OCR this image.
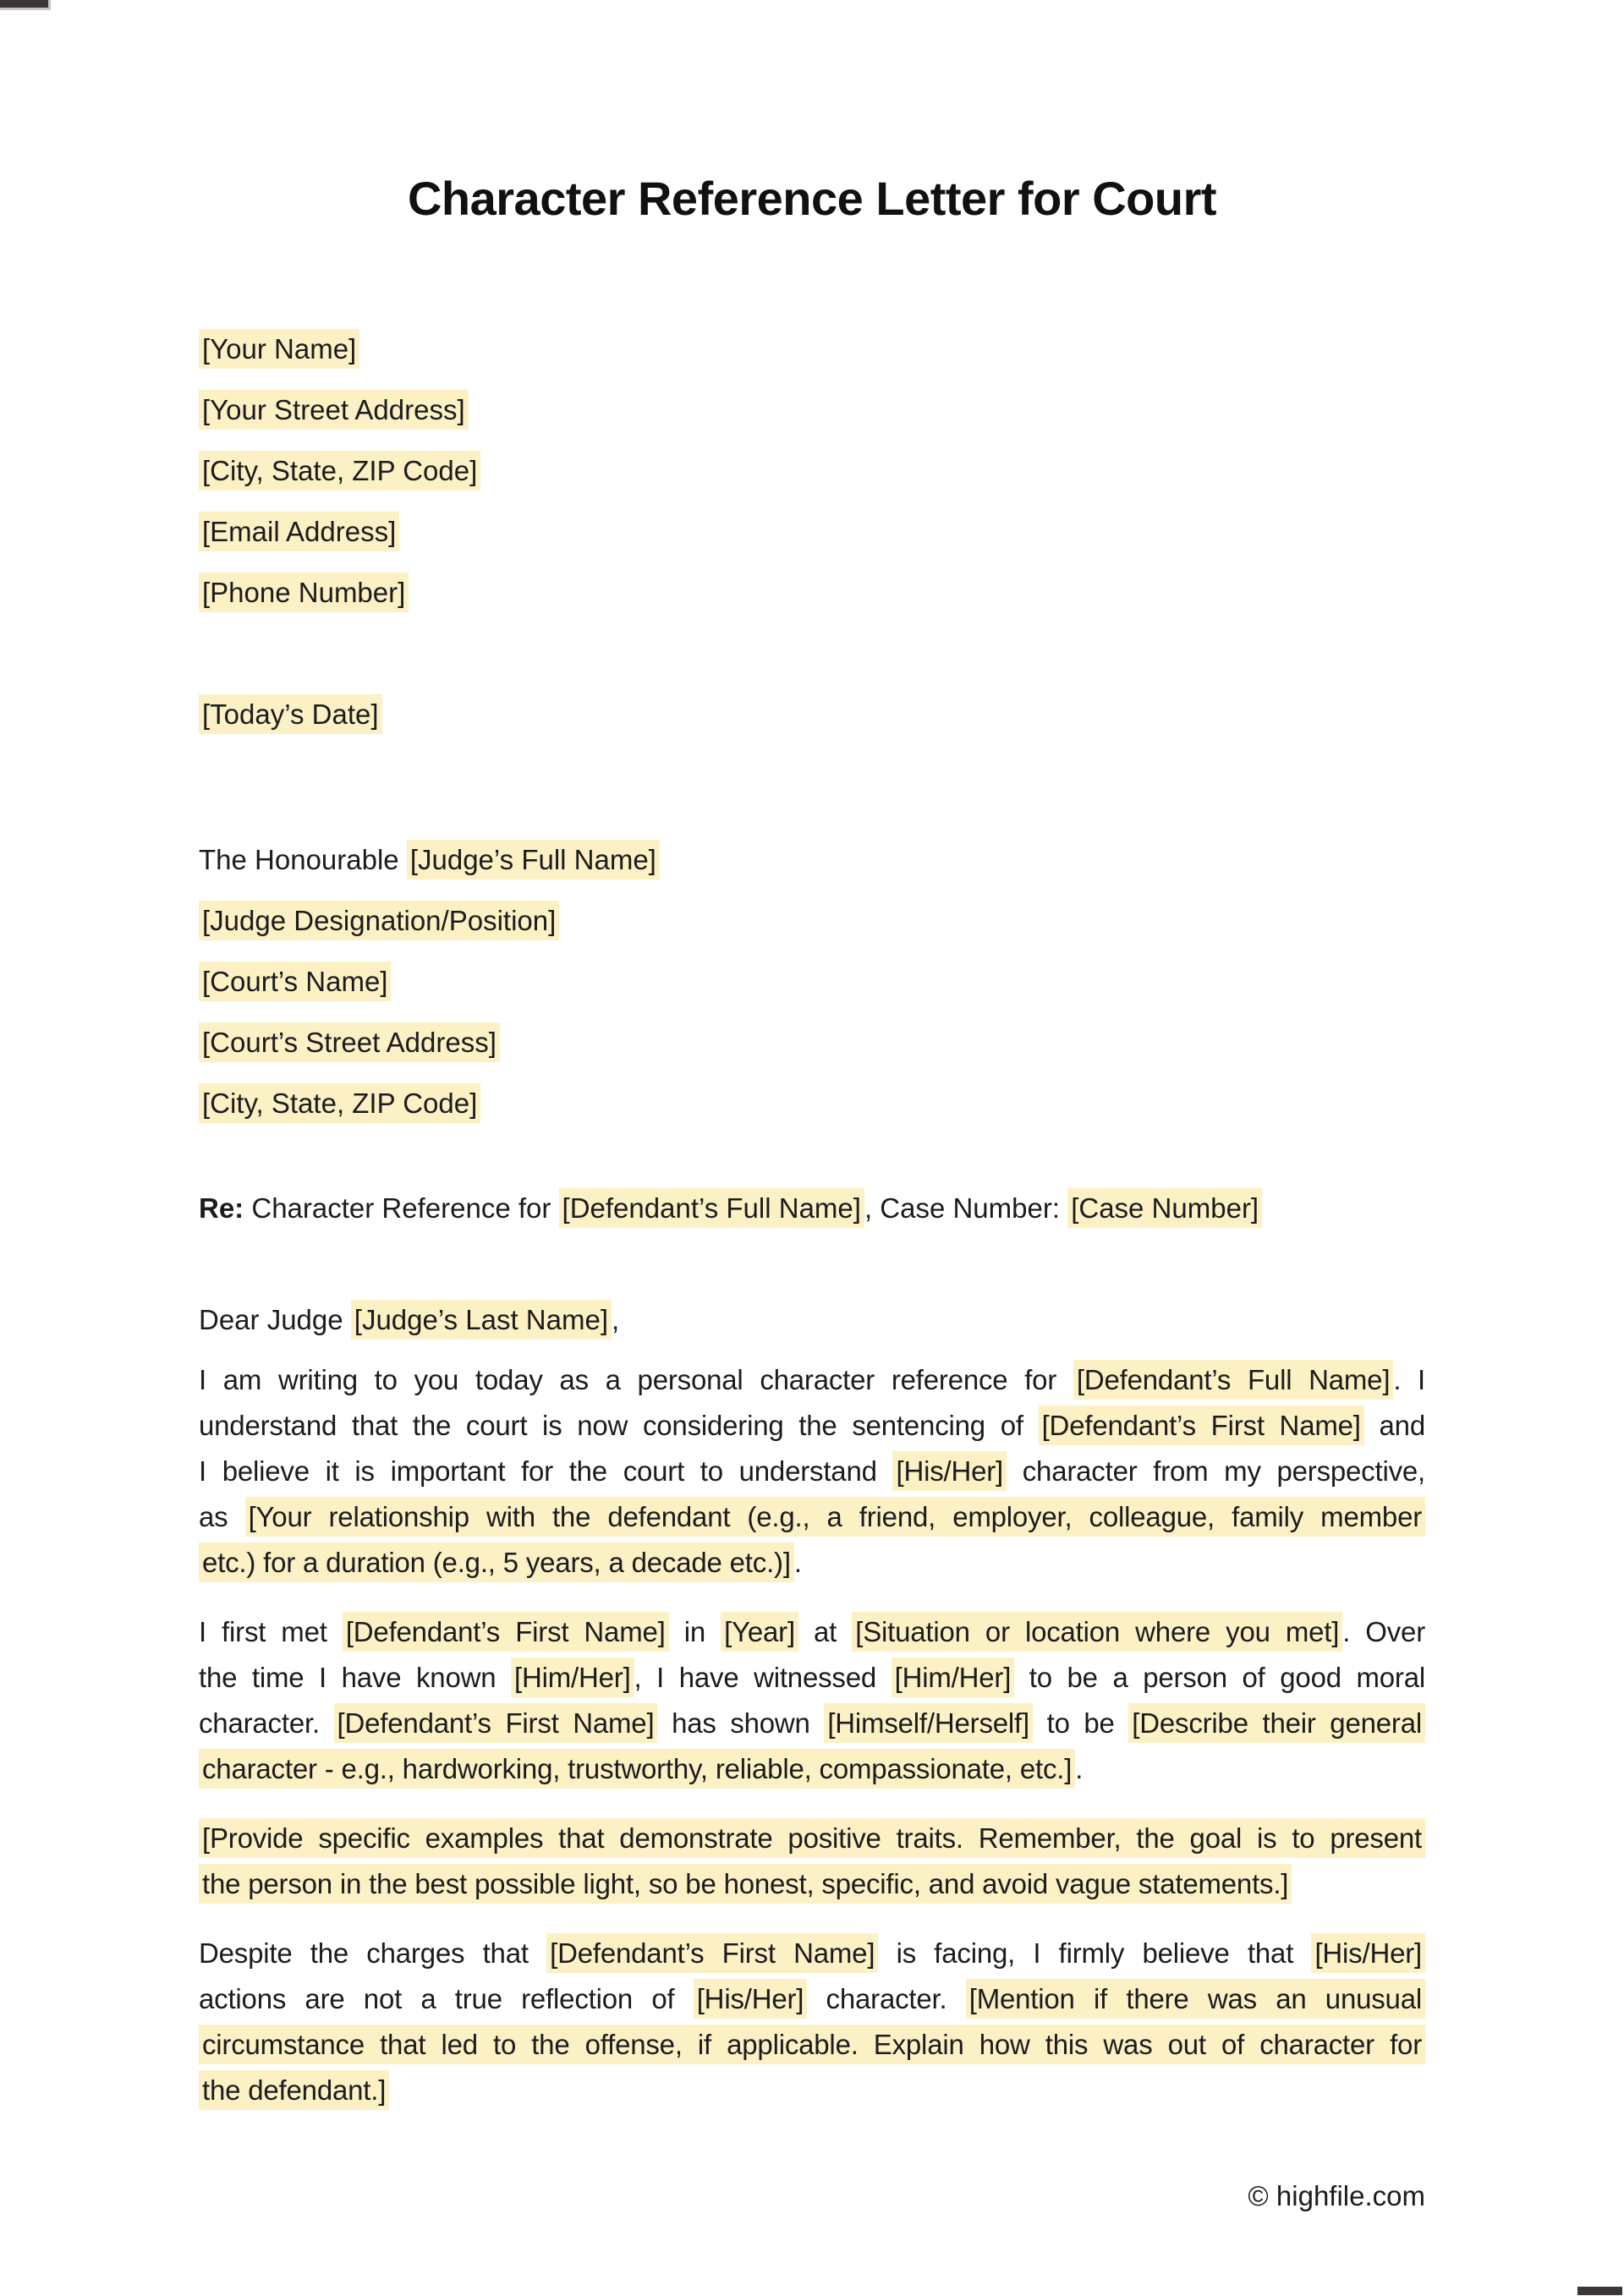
Character Reference Letter for Court
[Your Name]
[Your Street Address]
[City, State, ZIP Code]
[Email Address]
[Phone Number]
[Today’s Date]
The Honourable [Judge’s Full Name]
[Judge Designation/Position]
[Court’s Name]
[Court’s Street Address]
[City, State, ZIP Code]
Re: Character Reference for [Defendant’s Full Name] , Case Number: [Case Number]
Dear Judge [Judge’s Last Name] ,
I am writing to you today as a personal character reference for [Defendant’s Full Name] . I
understand that the court is now considering the sentencing of [Defendant’s First Name] and
I believe it is important for the court to understand [His/Her] character from my perspective,
as [Your relationship with the defendant (e.g., a friend, employer, colleague, family member
etc.) for a duration (e.g., 5 years, a decade etc.)] .
I first met [Defendant’s First Name] in [Year] at [Situation or location where you met] . Over
the time I have known [Him/Her] , I have witnessed [Him/Her] to be a person of good moral
character. [Defendant’s First Name] has shown [Himself/Herself] to be [Describe their general
character - e.g., hardworking, trustworthy, reliable, compassionate, etc.] .
[Provide specific examples that demonstrate positive traits. Remember, the goal is to present
the person in the best possible light, so be honest, specific, and avoid vague statements.]
Despite the charges that [Defendant’s First Name] is facing, I firmly believe that [His/Her]
actions are not a true reflection of [His/Her] character. [Mention if there was an unusual
circumstance that led to the offense, if applicable. Explain how this was out of character for
the defendant.]
© highfile.com
